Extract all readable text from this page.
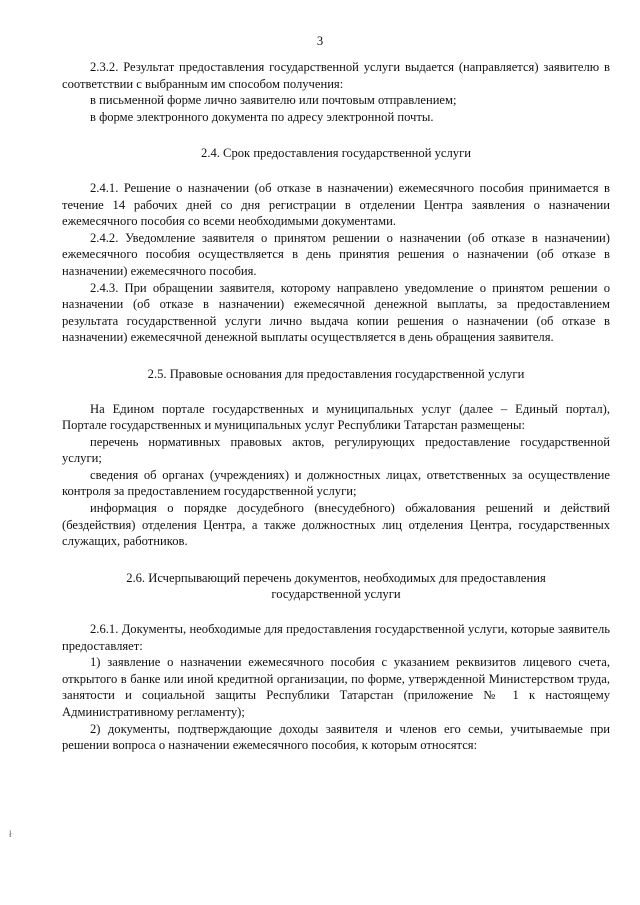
3

2.3.2. Результат предоставления государственной услуги выдается (направляется) заявителю в соответствии с выбранным им способом получения:

в письменной форме лично заявителю или почтовым отправлением;

в форме электронного документа по адресу электронной почты.

2.4. Срок предоставления государственной услуги

2.4.1. Решение о назначении (об отказе в назначении) ежемесячного пособия принимается в течение 14 рабочих дней со дня регистрации в отделении Центра заявления о назначении ежемесячного пособия со всеми необходимыми документами.

2.4.2. Уведомление заявителя о принятом решении о назначении (об отказе в назначении) ежемесячного пособия осуществляется в день принятия решения о назначении (об отказе в назначении) ежемесячного пособия.

2.4.3. При обращении заявителя, которому направлено уведомление о принятом решении о назначении (об отказе в назначении) ежемесячной денежной выплаты, за предоставлением результата государственной услуги лично выдача копии решения о назначении (об отказе в назначении) ежемесячной денежной выплаты осуществляется в день обращения заявителя.

2.5. Правовые основания для предоставления государственной услуги

На Едином портале государственных и муниципальных услуг (далее – Единый портал), Портале государственных и муниципальных услуг Республики Татарстан размещены:

перечень нормативных правовых актов, регулирующих предоставление государственной услуги;

сведения об органах (учреждениях) и должностных лицах, ответственных за осуществление контроля за предоставлением государственной услуги;

информация о порядке досудебного (внесудебного) обжалования решений и действий (бездействия) отделения Центра, а также должностных лиц отделения Центра, государственных служащих, работников.

2.6. Исчерпывающий перечень документов, необходимых для предоставления

государственной услуги

2.6.1. Документы, необходимые для предоставления государственной услуги, которые заявитель предоставляет:

1) заявление о назначении ежемесячного пособия с указанием реквизитов лицевого счета, открытого в банке или иной кредитной организации, по форме, утвержденной Министерством труда, занятости и социальной защиты Республики Татарстан (приложение № 1 к настоящему Административному регламенту);

2) документы, подтверждающие доходы заявителя и членов его семьи, учитываемые при решении вопроса о назначении ежемесячного пособия, к которым относятся:

ł
